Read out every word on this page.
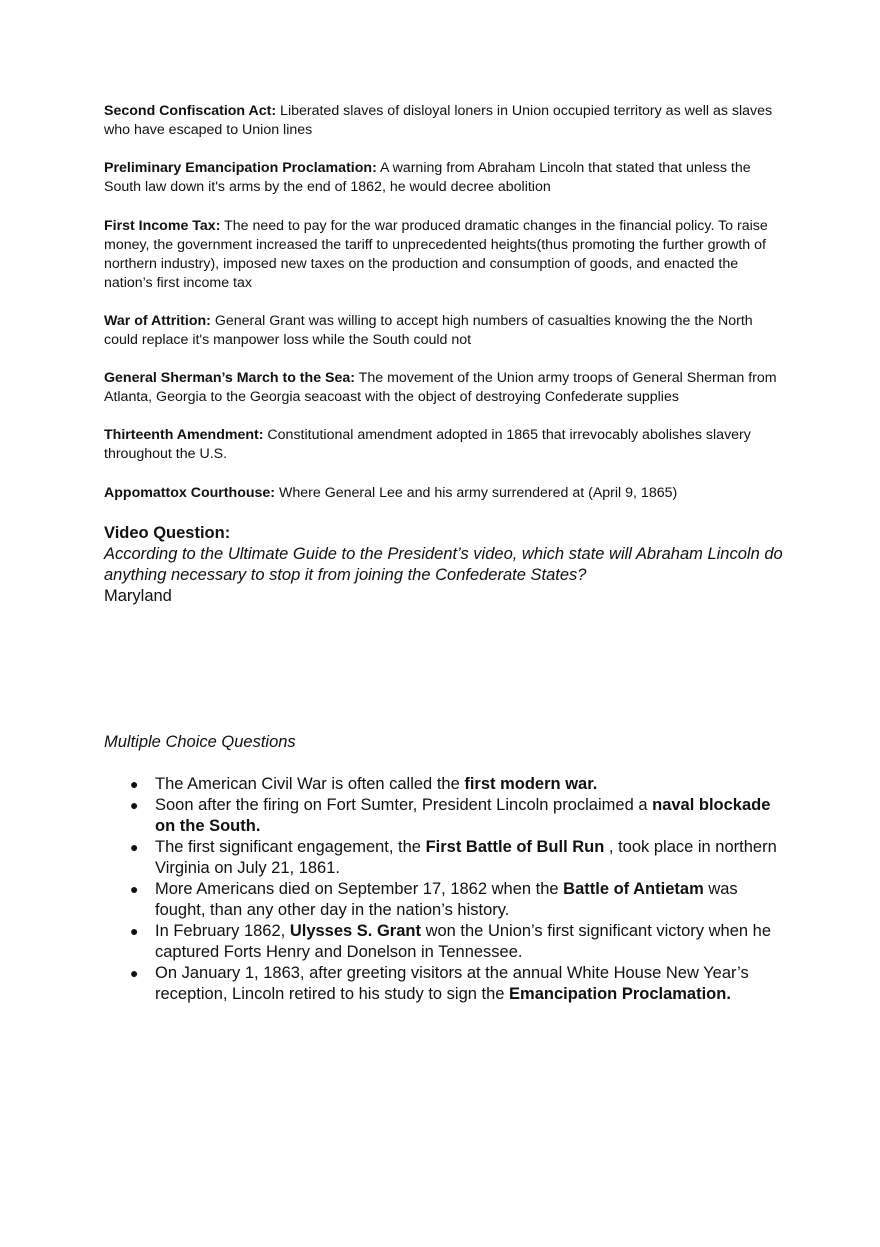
Second Confiscation Act: Liberated slaves of disloyal loners in Union occupied territory as well as slaves who have escaped to Union lines

Preliminary Emancipation Proclamation: A warning from Abraham Lincoln that stated that unless the South law down it's arms by the end of 1862, he would decree abolition

First Income Tax: The need to pay for the war produced dramatic changes in the financial policy. To raise money, the government increased the tariff to unprecedented heights(thus promoting the further growth of northern industry), imposed new taxes on the production and consumption of goods, and enacted the nation’s first income tax

War of Attrition: General Grant was willing to accept high numbers of casualties knowing the the North could replace it's manpower loss while the South could not

General Sherman’s March to the Sea: The movement of the Union army troops of General Sherman from Atlanta, Georgia to the Georgia seacoast with the object of destroying Confederate supplies

Thirteenth Amendment: Constitutional amendment adopted in 1865 that irrevocably abolishes slavery throughout the U.S.

Appomattox Courthouse: Where General Lee and his army surrendered at (April 9, 1865)

Video Question:

According to the Ultimate Guide to the President’s video, which state will Abraham Lincoln do anything necessary to stop it from joining the Confederate States?

Maryland

Multiple Choice Questions

● The American Civil War is often called the first modern war.
● Soon after the firing on Fort Sumter, President Lincoln proclaimed a naval blockade on the South.
● The first significant engagement, the First Battle of Bull Run , took place in northern Virginia on July 21, 1861.
● More Americans died on September 17, 1862 when the Battle of Antietam was fought, than any other day in the nation’s history.
● In February 1862, Ulysses S. Grant won the Union’s first significant victory when he captured Forts Henry and Donelson in Tennessee.
● On January 1, 1863, after greeting visitors at the annual White House New Year’s reception, Lincoln retired to his study to sign the Emancipation Proclamation.
